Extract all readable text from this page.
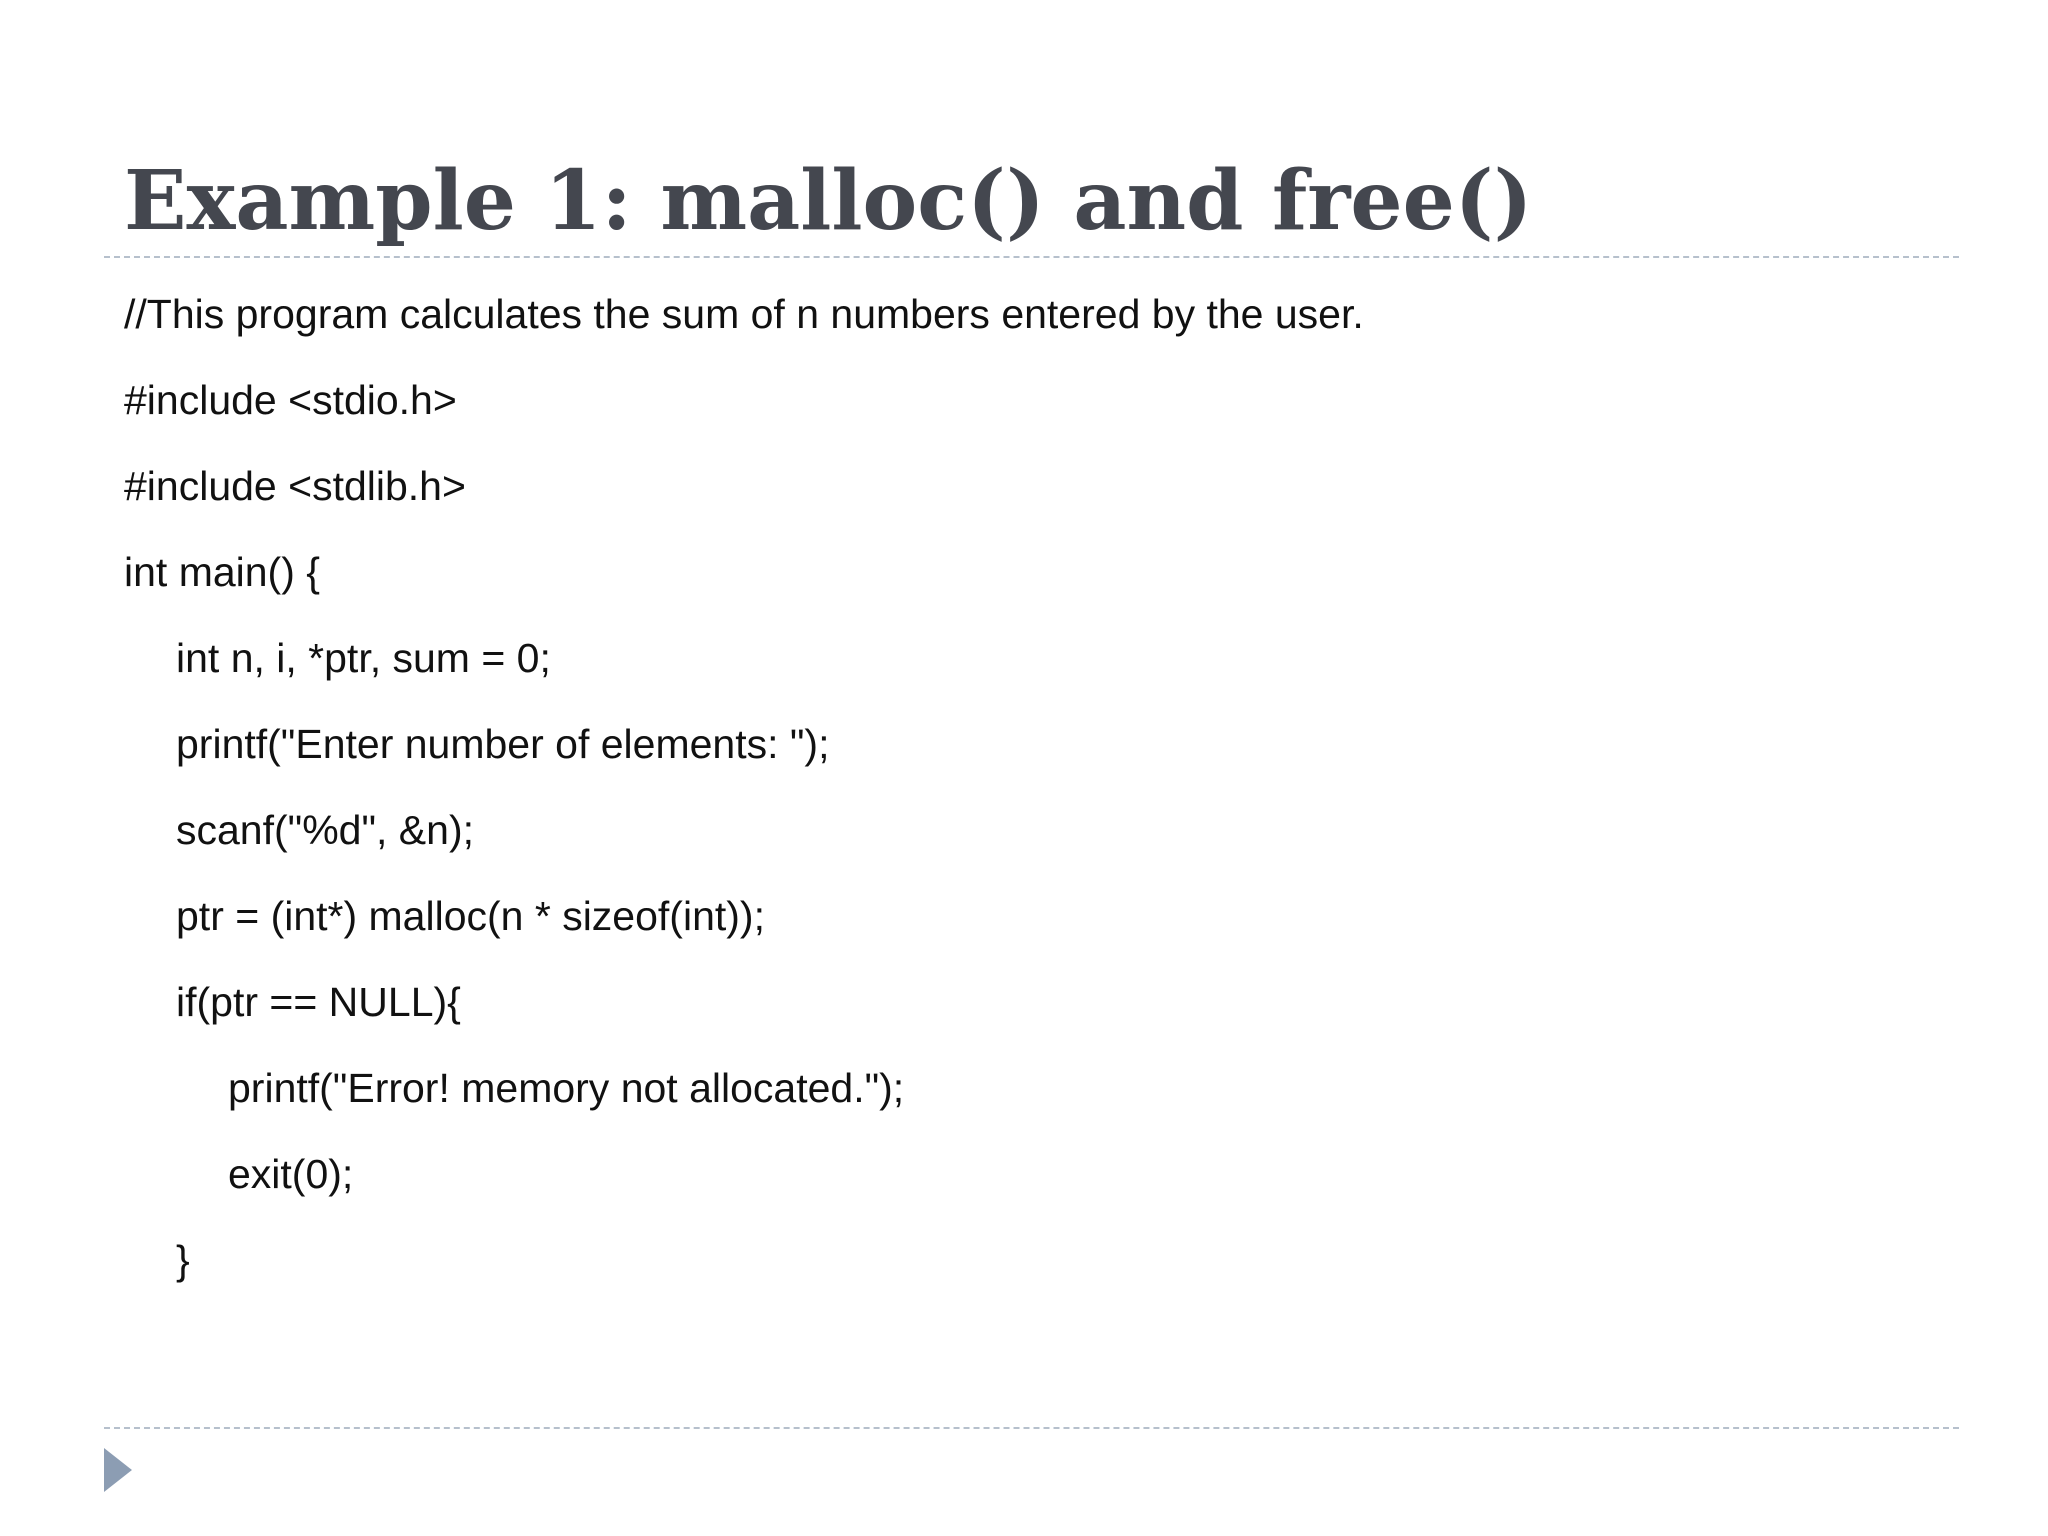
Example 1: malloc() and free()
//This program calculates the sum of n numbers entered by the user.
#include <stdio.h>
#include <stdlib.h>
int main() {
int n, i, *ptr, sum = 0;
printf("Enter number of elements: ");
scanf("%d", &n);
ptr = (int*) malloc(n * sizeof(int));
if(ptr == NULL){
printf("Error! memory not allocated.");
exit(0);
}
